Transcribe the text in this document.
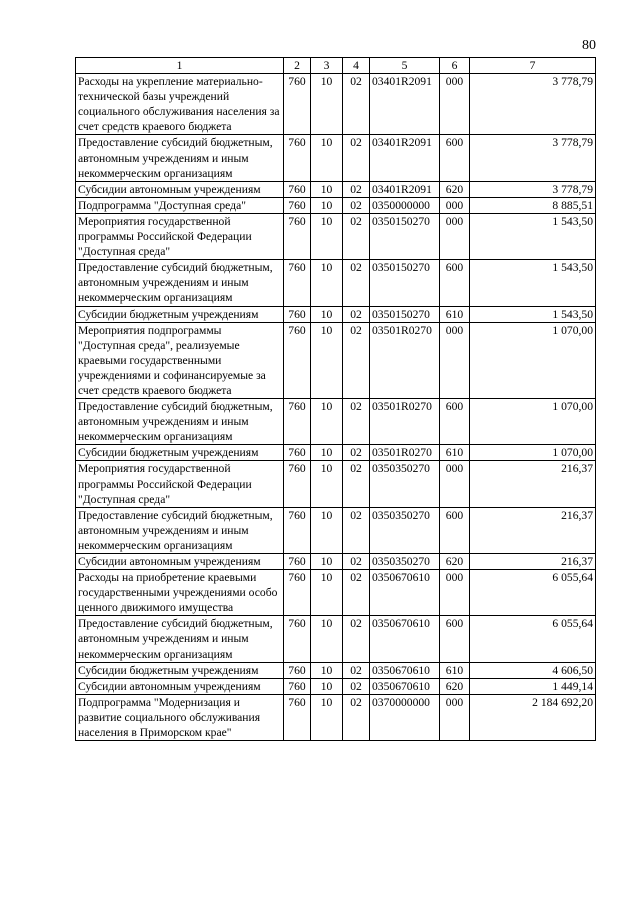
80
1	2	3	4	5	6	7
Расходы на укрепление материально-технической базы учреждений социального обслуживания населения за счет средств краевого бюджета	760	10	02	03401R2091	000	3 778,79
Предоставление субсидий бюджетным, автономным учреждениям и иным некоммерческим организациям	760	10	02	03401R2091	600	3 778,79
Субсидии автономным учреждениям	760	10	02	03401R2091	620	3 778,79
Подпрограмма "Доступная среда"	760	10	02	0350000000	000	8 885,51
Мероприятия государственной программы Российской Федерации "Доступная среда"	760	10	02	0350150270	000	1 543,50
Предоставление субсидий бюджетным, автономным учреждениям и иным некоммерческим организациям	760	10	02	0350150270	600	1 543,50
Субсидии бюджетным учреждениям	760	10	02	0350150270	610	1 543,50
Мероприятия подпрограммы "Доступная среда", реализуемые краевыми государственными учреждениями и софинансируемые за счет средств краевого бюджета	760	10	02	03501R0270	000	1 070,00
Предоставление субсидий бюджетным, автономным учреждениям и иным некоммерческим организациям	760	10	02	03501R0270	600	1 070,00
Субсидии бюджетным учреждениям	760	10	02	03501R0270	610	1 070,00
Мероприятия государственной программы Российской Федерации "Доступная среда"	760	10	02	0350350270	000	216,37
Предоставление субсидий бюджетным, автономным учреждениям и иным некоммерческим организациям	760	10	02	0350350270	600	216,37
Субсидии автономным учреждениям	760	10	02	0350350270	620	216,37
Расходы на приобретение краевыми государственными учреждениями особо ценного движимого имущества	760	10	02	0350670610	000	6 055,64
Предоставление субсидий бюджетным, автономным учреждениям и иным некоммерческим организациям	760	10	02	0350670610	600	6 055,64
Субсидии бюджетным учреждениям	760	10	02	0350670610	610	4 606,50
Субсидии автономным учреждениям	760	10	02	0350670610	620	1 449,14
Подпрограмма "Модернизация и развитие социального обслуживания населения в Приморском крае"	760	10	02	0370000000	000	2 184 692,20
